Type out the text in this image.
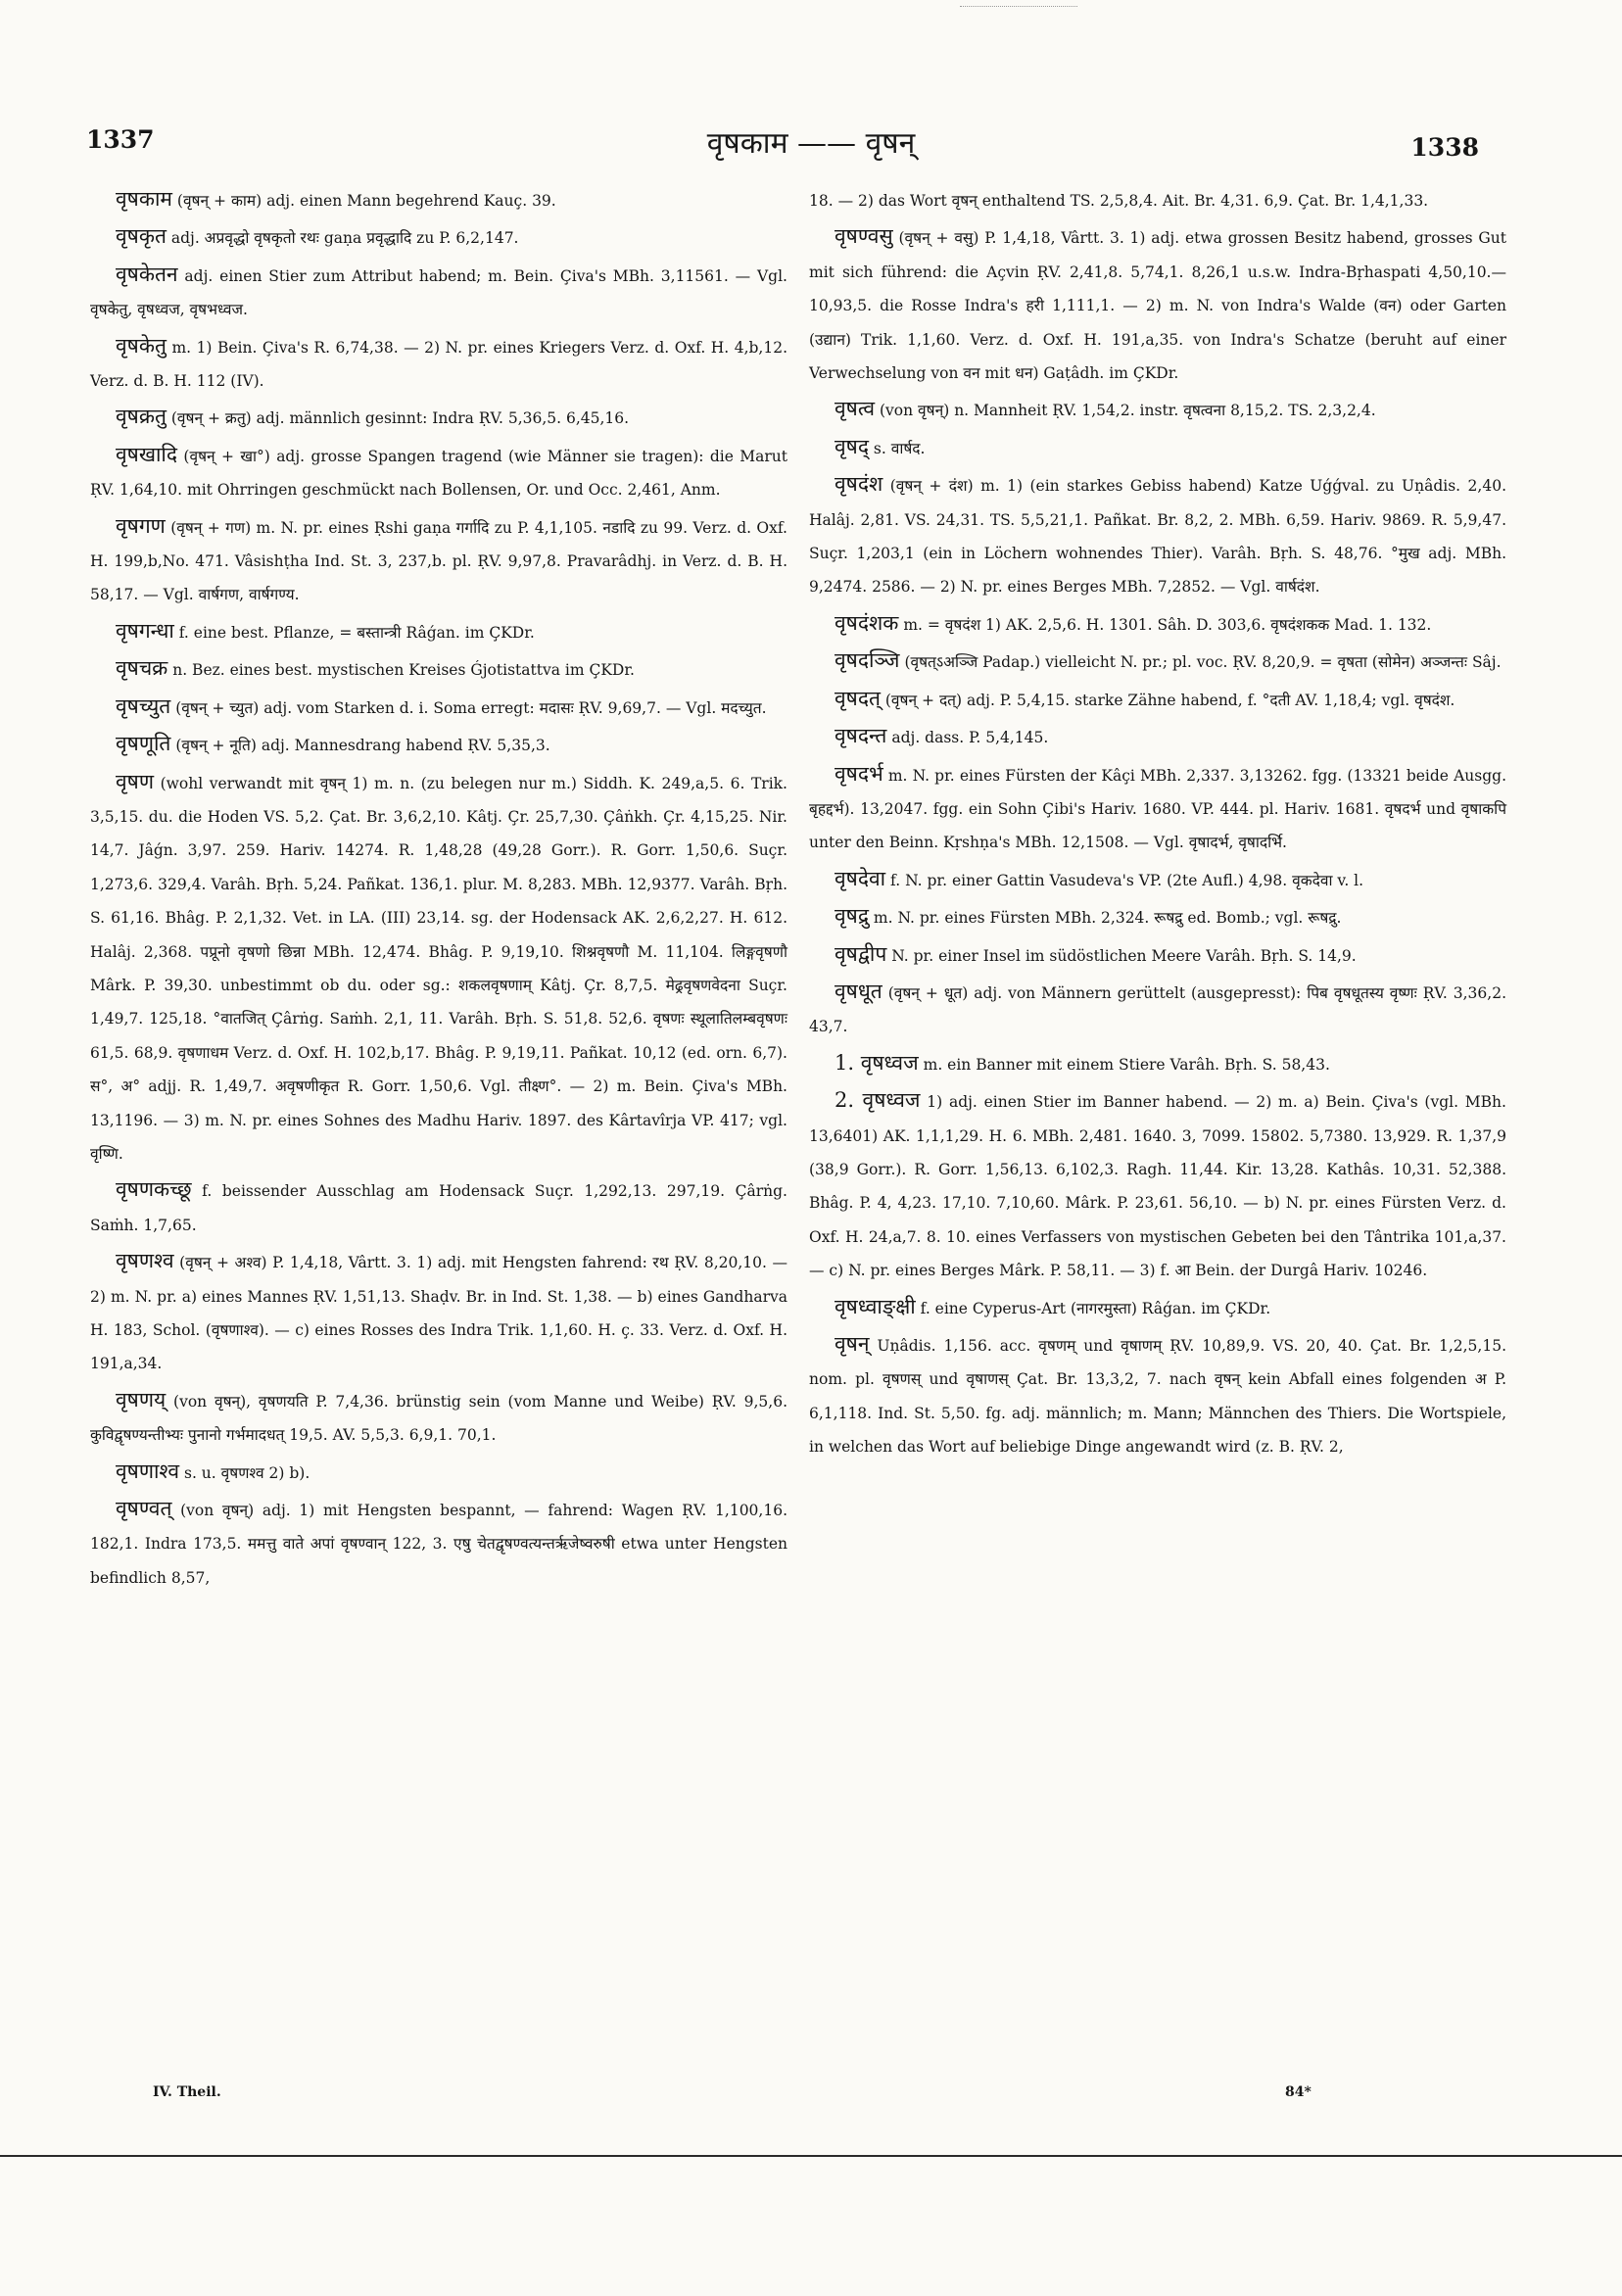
1337	वृषकाम —— वृषन्	1338

वृषकाम (वृषन् + काम) adj. einen Mann begehrend Kauç. 39.

वृषकृत adj. अप्रवृद्धो वृषकृतो रथः gaṇa प्रवृद्धादि zu P. 6,2,147.

वृषकेतन adj. einen Stier zum Attribut habend; m. Bein. Çiva's MBh. 3,11561. — Vgl. वृषकेतु, वृषध्वज, वृषभध्वज.

वृषकेतु m. 1) Bein. Çiva's R. 6,74,38. — 2) N. pr. eines Kriegers Verz. d. Oxf. H. 4,b,12. Verz. d. B. H. 112 (IV).

वृषक्रतु (वृषन् + क्रतु) adj. männlich gesinnt: Indra ṚV. 5,36,5. 6,45,16.

वृषखादि (वृषन् + खा°) adj. grosse Spangen tragend (wie Männer sie tragen): die Marut ṚV. 1,64,10. mit Ohrringen geschmückt nach Bollensen, Or. und Occ. 2,461, Anm.

वृषगण (वृषन् + गण) m. N. pr. eines Ṛshi gaṇa गर्गादि zu P. 4,1,105. नडादि zu 99. Verz. d. Oxf. H. 199,b,No. 471. Vâsishṭha Ind. St. 3, 237,b. pl. ṚV. 9,97,8. Pravarâdhj. in Verz. d. B. H. 58,17. — Vgl. वार्षगण, वार्षगण्य.

वृषगन्धा f. eine best. Pflanze, = बस्तान्त्री Râǵan. im ÇKDr.

वृषचक्र n. Bez. eines best. mystischen Kreises Ǵjotistattva im ÇKDr.

वृषच्युत (वृषन् + च्युत) adj. vom Starken d. i. Soma erregt: मदासः ṚV. 9,69,7. — Vgl. मदच्युत.

वृषणूति (वृषन् + नूति) adj. Mannesdrang habend ṚV. 5,35,3.

वृषण (wohl verwandt mit वृषन् 1) m. n. (zu belegen nur m.) Siddh. K. 249,a,5. 6. Trik. 3,5,15. du. die Hoden VS. 5,2. Çat. Br. 3,6,2,10. Kâtj. Çr. 25,7,30. Çâṅkh. Çr. 4,15,25. Nir. 14,7. Jâǵn. 3,97. 259. Hariv. 14274. R. 1,48,28 (49,28 Gorr.). R. Gorr. 1,50,6. Suçr. 1,273,6. 329,4. Varâh. Bṛh. 5,24. Pañkat. 136,1. plur. M. 8,283. MBh. 12,9377. Varâh. Bṛh. S. 61,16. Bhâg. P. 2,1,32. Vet. in LA. (III) 23,14. sg. der Hodensack AK. 2,6,2,27. H. 612. Halâj. 2,368. पप्रूनो वृषणो छिन्ना MBh. 12,474. Bhâg. P. 9,19,10. शिश्नवृषणौ M. 11,104. लिङ्गवृषणौ Mârk. P. 39,30. unbestimmt ob du. oder sg.: शकलवृषणाम् Kâtj. Çr. 8,7,5. मेढ्रवृषणवेदना Suçr. 1,49,7. 125,18. °वातजित् Çârṅg. Saṁh. 2,1, 11. Varâh. Bṛh. S. 51,8. 52,6. वृषणः स्थूलातिलम्बवृषणः 61,5. 68,9. वृषणाधम Verz. d. Oxf. H. 102,b,17. Bhâg. P. 9,19,11. Pañkat. 10,12 (ed. orn. 6,7). स°, अ° adjj. R. 1,49,7. अवृषणीकृत R. Gorr. 1,50,6. Vgl. तीक्ष्ण°. — 2) m. Bein. Çiva's MBh. 13,1196. — 3) m. N. pr. eines Sohnes des Madhu Hariv. 1897. des Kârtavîrja VP. 417; vgl. वृष्णि.

वृषणकच्छू f. beissender Ausschlag am Hodensack Suçr. 1,292,13. 297,19. Çârṅg. Saṁh. 1,7,65.

वृषणश्व (वृषन् + अश्व) P. 1,4,18, Vârtt. 3. 1) adj. mit Hengsten fahrend: रथ ṚV. 8,20,10. — 2) m. N. pr. a) eines Mannes ṚV. 1,51,13. Shaḍv. Br. in Ind. St. 1,38. — b) eines Gandharva H. 183, Schol. (वृषणाश्व). — c) eines Rosses des Indra Trik. 1,1,60. H. ç. 33. Verz. d. Oxf. H. 191,a,34.

वृषणय् (von वृषन्), वृषणयति P. 7,4,36. brünstig sein (vom Manne und Weibe) ṚV. 9,5,6. कुविद्वृषण्यन्तीभ्यः पुनानो गर्भमादधत् 19,5. AV. 5,5,3. 6,9,1. 70,1.

वृषणाश्व s. u. वृषणश्व 2) b).

वृषण्वत् (von वृषन्) adj. 1) mit Hengsten bespannt, — fahrend: Wagen ṚV. 1,100,16. 182,1. Indra 173,5. ममत्तु वाते अपां वृषण्वान् 122, 3. एषु चेतद्वृषण्वत्यन्तरृजेष्वरुषी etwa unter Hengsten befindlich 8,57,

18. — 2) das Wort वृषन् enthaltend TS. 2,5,8,4. Ait. Br. 4,31. 6,9. Çat. Br. 1,4,1,33.

वृषण्वसु (वृषन् + वसु) P. 1,4,18, Vârtt. 3. 1) adj. etwa grossen Besitz habend, grosses Gut mit sich führend: die Açvin ṚV. 2,41,8. 5,74,1. 8,26,1 u.s.w. Indra-Bṛhaspati 4,50,10.—10,93,5. die Rosse Indra's हरी 1,111,1. — 2) m. N. von Indra's Walde (वन) oder Garten (उद्यान) Trik. 1,1,60. Verz. d. Oxf. H. 191,a,35. von Indra's Schatze (beruht auf einer Verwechselung von वन mit धन) Gaṭâdh. im ÇKDr.

वृषत्व (von वृषन्) n. Mannheit ṚV. 1,54,2. instr. वृषत्वना 8,15,2. TS. 2,3,2,4.

वृषद् s. वार्षद.

वृषदंश (वृषन् + दंश) m. 1) (ein starkes Gebiss habend) Katze Uǵǵval. zu Uṇâdis. 2,40. Halâj. 2,81. VS. 24,31. TS. 5,5,21,1. Pañkat. Br. 8,2, 2. MBh. 6,59. Hariv. 9869. R. 5,9,47. Suçr. 1,203,1 (ein in Löchern wohnendes Thier). Varâh. Bṛh. S. 48,76. °मुख adj. MBh. 9,2474. 2586. — 2) N. pr. eines Berges MBh. 7,2852. — Vgl. वार्षदंश.

वृषदंशक m. = वृषदंश 1) AK. 2,5,6. H. 1301. Sâh. D. 303,6. वृषदंशकक Mad. 1. 132.

वृषदञ्जि (वृषत्ऽअञ्जि Padap.) vielleicht N. pr.; pl. voc. ṚV. 8,20,9. = वृषता (सोमेन) अञ्जन्तः Sâj.

वृषदत् (वृषन् + दत्) adj. P. 5,4,15. starke Zähne habend, f. °दती AV. 1,18,4; vgl. वृषदंश.

वृषदन्त adj. dass. P. 5,4,145.

वृषदर्भ m. N. pr. eines Fürsten der Kâçi MBh. 2,337. 3,13262. fgg. (13321 beide Ausgg. बृहद्दर्भ). 13,2047. fgg. ein Sohn Çibi's Hariv. 1680. VP. 444. pl. Hariv. 1681. वृषदर्भ und वृषाकपि unter den Beinn. Kṛshṇa's MBh. 12,1508. — Vgl. वृषादर्भ, वृषादर्भि.

वृषदेवा f. N. pr. einer Gattin Vasudeva's VP. (2te Aufl.) 4,98. वृकदेवा v. l.

वृषद्रु m. N. pr. eines Fürsten MBh. 2,324. रूषद्रु ed. Bomb.; vgl. रूषद्रु.

वृषद्वीप N. pr. einer Insel im südöstlichen Meere Varâh. Bṛh. S. 14,9.

वृषधूत (वृषन् + धूत) adj. von Männern gerüttelt (ausgepresst): पिब वृषधूतस्य वृष्णः ṚV. 3,36,2. 43,7.

1. वृषध्वज m. ein Banner mit einem Stiere Varâh. Bṛh. S. 58,43.

2. वृषध्वज 1) adj. einen Stier im Banner habend. — 2) m. a) Bein. Çiva's (vgl. MBh. 13,6401) AK. 1,1,1,29. H. 6. MBh. 2,481. 1640. 3, 7099. 15802. 5,7380. 13,929. R. 1,37,9 (38,9 Gorr.). R. Gorr. 1,56,13. 6,102,3. Ragh. 11,44. Kir. 13,28. Kathâs. 10,31. 52,388. Bhâg. P. 4, 4,23. 17,10. 7,10,60. Mârk. P. 23,61. 56,10. — b) N. pr. eines Fürsten Verz. d. Oxf. H. 24,a,7. 8. 10. eines Verfassers von mystischen Gebeten bei den Tântrika 101,a,37. — c) N. pr. eines Berges Mârk. P. 58,11. — 3) f. आ Bein. der Durgâ Hariv. 10246.

वृषध्वाङ्क्षी f. eine Cyperus-Art (नागरमुस्ता) Râǵan. im ÇKDr.

वृषन् Uṇâdis. 1,156. acc. वृषणम् und वृषाणम् ṚV. 10,89,9. VS. 20, 40. Çat. Br. 1,2,5,15. nom. pl. वृषणस् und वृषाणस् Çat. Br. 13,3,2, 7. nach वृषन् kein Abfall eines folgenden अ P. 6,1,118. Ind. St. 5,50. fg. adj. männlich; m. Mann; Männchen des Thiers. Die Wortspiele, in welchen das Wort auf beliebige Dinge angewandt wird (z. B. ṚV. 2,

IV. Theil.	84*
